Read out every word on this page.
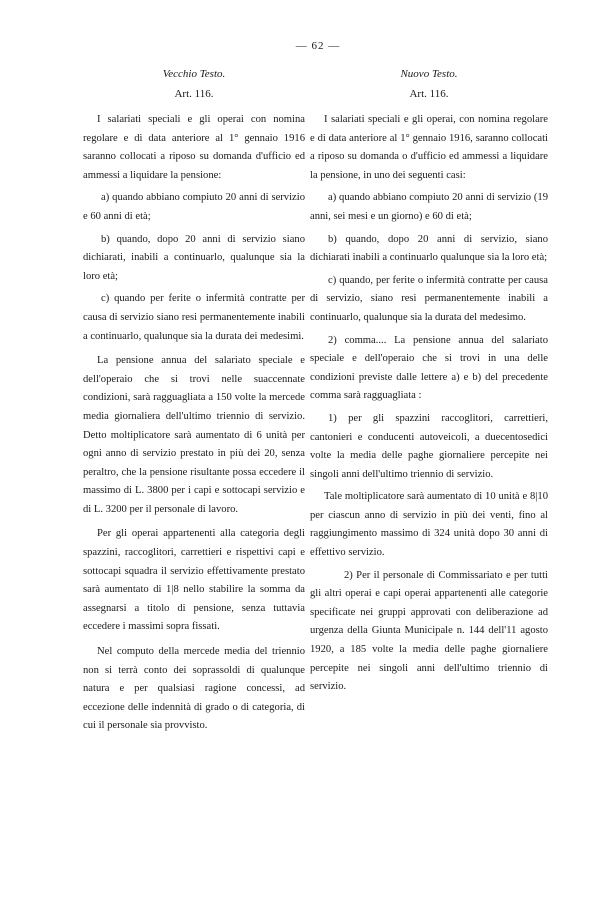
— 62 —

Vecchio Testo.

Art. 116.

I salariati speciali e gli operai con nomina regolare e di data anteriore al 1° gennaio 1916 saranno collocati a riposo su domanda d'ufficio ed ammessi a liquidare la pensione:

a) quando abbiano compiuto 20 anni di servizio e 60 anni di età;

b) quando, dopo 20 anni di servizio siano dichiarati, inabili a continuarlo, qualunque sia la loro età;

c) quando per ferite o infermità contratte per causa di servizio siano resi permanentemente inabili a continuarlo, qualunque sia la durata dei medesimi.

La pensione annua del salariato speciale e dell'operaio che si trovi nelle suaccennate condizioni, sarà ragguagliata a 150 volte la mercede media giornaliera dell'ultimo triennio di servizio. Detto moltiplicatore sarà aumentato di 6 unità per ogni anno di servizio prestato in più dei 20, senza peraltro, che la pensione risultante possa eccedere il massimo di L. 3800 per i capi e sottocapi servizio e di L. 3200 per il personale di lavoro.

Per gli operai appartenenti alla categoria degli spazzini, raccoglitori, carrettieri e rispettivi capi e sottocapi squadra il servizio effettivamente prestato sarà aumentato di 1|8 nello stabilire la somma da assegnarsi a titolo di pensione, senza tuttavia eccedere i massimi sopra fissati.

Nel computo della mercede media del triennio non si terrà conto dei soprassoldi di qualunque natura e per qualsiasi ragione concessi, ad eccezione delle indennità di grado o di categoria, di cui il personale sia provvisto.

Nuovo Testo.

Art. 116.

I salariati speciali e gli operai, con nomina regolare e di data anteriore al 1° gennaio 1916, saranno collocati a riposo su domanda o d'ufficio ed ammessi a liquidare la pensione, in uno dei seguenti casi:

a) quando abbiano compiuto 20 anni di servizio (19 anni, sei mesi e un giorno) e 60 di età;

b) quando, dopo 20 anni di servizio, siano dichiarati inabili a continuarlo qualunque sia la loro età;

c) quando, per ferite o infermità contratte per causa di servizio, siano resi permanentemente inabili a continuarlo, qualunque sia la durata del medesimo.

2) comma.... La pensione annua del salariato speciale e dell'operaio che si trovi in una delle condizioni previste dalle lettere a) e b) del precedente comma sarà ragguagliata :

1) per gli spazzini raccoglitori, carrettieri, cantonieri e conducenti autoveicoli, a duecentosedici volte la media delle paghe giornaliere percepite nei singoli anni dell'ultimo triennio di servizio.

Tale moltiplicatore sarà aumentato di 10 unità e 8|10 per ciascun anno di servizio in più dei venti, fino al raggiungimento massimo di 324 unità dopo 30 anni di effettivo servizio.

2) Per il personale di Commissariato e per tutti gli altri operai e capi operai appartenenti alle categorie specificate nei gruppi approvati con deliberazione ad urgenza della Giunta Municipale n. 144 dell'11 agosto 1920, a 185 volte la media delle paghe giornaliere percepite nei singoli anni dell'ultimo triennio di servizio.
